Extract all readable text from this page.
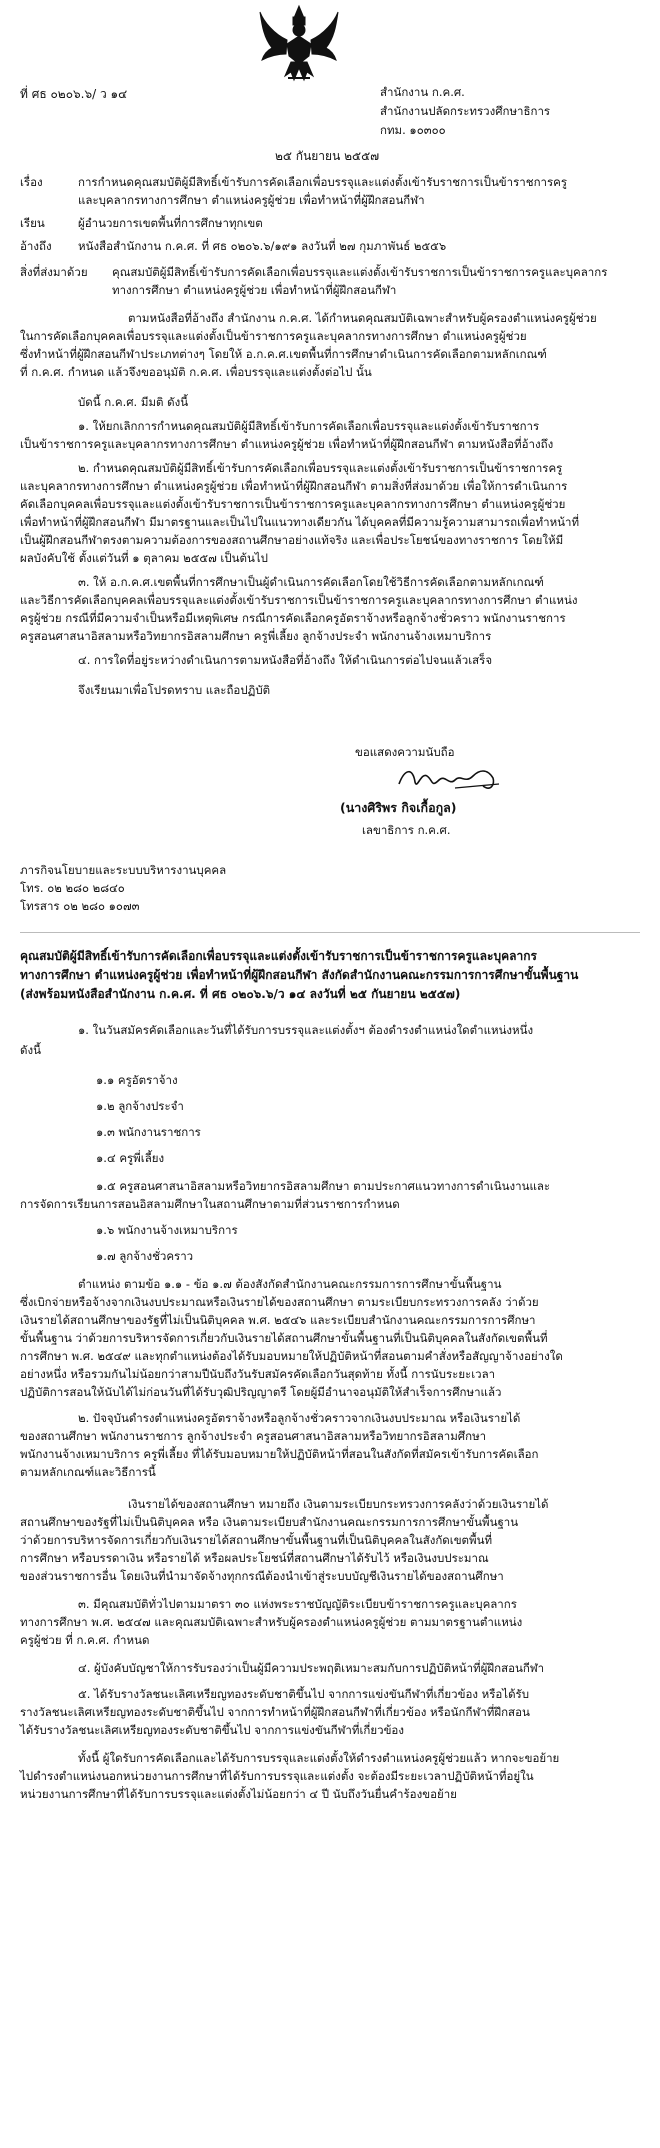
ที่ ศธ ๐๒๐๖.๖/ ว ๑๔	สำนักงาน ก.ค.ศ.
สำนักงานปลัดกระทรวงศึกษาธิการ
กทม. ๑๐๓๐๐
๒๕ กันยายน ๒๕๕๗
เรื่อง	การกำหนดคุณสมบัติผู้มีสิทธิ์เข้ารับการคัดเลือกเพื่อบรรจุและแต่งตั้งเข้ารับราชการเป็นข้าราชการครู
และบุคลากรทางการศึกษา ตำแหน่งครูผู้ช่วย เพื่อทำหน้าที่ผู้ฝึกสอนกีฬา
เรียน	ผู้อำนวยการเขตพื้นที่การศึกษาทุกเขต
อ้างถึง หนังสือสำนักงาน ก.ค.ศ. ที่ ศธ ๐๒๐๖.๖/๑๙๑ ลงวันที่ ๒๗ กุมภาพันธ์ ๒๕๕๖
สิ่งที่ส่งมาด้วย คุณสมบัติผู้มีสิทธิ์เข้ารับการคัดเลือกเพื่อบรรจุและแต่งตั้งเข้ารับราชการเป็นข้าราชการครูและบุคลากร
ทางการศึกษา ตำแหน่งครูผู้ช่วย เพื่อทำหน้าที่ผู้ฝึกสอนกีฬา
ตามหนังสือที่อ้างถึง สำนักงาน ก.ค.ศ. ได้กำหนดคุณสมบัติเฉพาะสำหรับผู้ครองตำแหน่งครูผู้ช่วย
ในการคัดเลือกบุคคลเพื่อบรรจุและแต่งตั้งเป็นข้าราชการครูและบุคลากรทางการศึกษา ตำแหน่งครูผู้ช่วย
ซึ่งทำหน้าที่ผู้ฝึกสอนกีฬาประเภทต่างๆ โดยให้ อ.ก.ค.ศ.เขตพื้นที่การศึกษาดำเนินการคัดเลือกตามหลักเกณฑ์
ที่ ก.ค.ศ. กำหนด แล้วจึงขออนุมัติ ก.ค.ศ. เพื่อบรรจุและแต่งตั้งต่อไป นั้น
บัดนี้ ก.ค.ศ. มีมติ ดังนี้
๑. ให้ยกเลิกการกำหนดคุณสมบัติผู้มีสิทธิ์เข้ารับการคัดเลือกเพื่อบรรจุและแต่งตั้งเข้ารับราชการ
เป็นข้าราชการครูและบุคลากรทางการศึกษา ตำแหน่งครูผู้ช่วย เพื่อทำหน้าที่ผู้ฝึกสอนกีฬา ตามหนังสือที่อ้างถึง
๒. กำหนดคุณสมบัติผู้มีสิทธิ์เข้ารับการคัดเลือกเพื่อบรรจุและแต่งตั้งเข้ารับราชการเป็นข้าราชการครู
และบุคลากรทางการศึกษา ตำแหน่งครูผู้ช่วย เพื่อทำหน้าที่ผู้ฝึกสอนกีฬา ตามสิ่งที่ส่งมาด้วย เพื่อให้การดำเนินการ
คัดเลือกบุคคลเพื่อบรรจุและแต่งตั้งเข้ารับราชการเป็นข้าราชการครูและบุคลากรทางการศึกษา ตำแหน่งครูผู้ช่วย
เพื่อทำหน้าที่ผู้ฝึกสอนกีฬา มีมาตรฐานและเป็นไปในแนวทางเดียวกัน ได้บุคคลที่มีความรู้ความสามารถเพื่อทำหน้าที่
เป็นผู้ฝึกสอนกีฬาตรงตามความต้องการของสถานศึกษาอย่างแท้จริง และเพื่อประโยชน์ของทางราชการ โดยให้มี
ผลบังคับใช้ ตั้งแต่วันที่ ๑ ตุลาคม ๒๕๕๗ เป็นต้นไป
๓. ให้ อ.ก.ค.ศ.เขตพื้นที่การศึกษาเป็นผู้ดำเนินการคัดเลือกโดยใช้วิธีการคัดเลือกตามหลักเกณฑ์
และวิธีการคัดเลือกบุคคลเพื่อบรรจุและแต่งตั้งเข้ารับราชการเป็นข้าราชการครูและบุคลากรทางการศึกษา ตำแหน่ง
ครูผู้ช่วย กรณีที่มีความจำเป็นหรือมีเหตุพิเศษ กรณีการคัดเลือกครูอัตราจ้างหรือลูกจ้างชั่วคราว พนักงานราชการ
ครูสอนศาสนาอิสลามหรือวิทยากรอิสลามศึกษา ครูพี่เลี้ยง ลูกจ้างประจำ พนักงานจ้างเหมาบริการ
๔. การใดที่อยู่ระหว่างดำเนินการตามหนังสือที่อ้างถึง ให้ดำเนินการต่อไปจนแล้วเสร็จ
จึงเรียนมาเพื่อโปรดทราบ และถือปฏิบัติ
ขอแสดงความนับถือ
(นางศิริพร กิจเกื้อกูล)
เลขาธิการ ก.ค.ศ.
ภารกิจนโยบายและระบบบริหารงานบุคคล
โทร. ๐๒ ๒๘๐ ๒๘๔๐
โทรสาร ๐๒ ๒๘๐ ๑๐๗๓
คุณสมบัติผู้มีสิทธิ์เข้ารับการคัดเลือกเพื่อบรรจุและแต่งตั้งเข้ารับราชการเป็นข้าราชการครูและบุคลากร
ทางการศึกษา ตำแหน่งครูผู้ช่วย เพื่อทำหน้าที่ผู้ฝึกสอนกีฬา สังกัดสำนักงานคณะกรรมการการศึกษาขั้นพื้นฐาน
(ส่งพร้อมหนังสือสำนักงาน ก.ค.ศ. ที่ ศธ ๐๒๐๖.๖/ว ๑๔ ลงวันที่ ๒๕ กันยายน ๒๕๕๗)
๑. ในวันสมัครคัดเลือกและวันที่ได้รับการบรรจุและแต่งตั้งฯ ต้องดำรงตำแหน่งใดตำแหน่งหนึ่ง
ดังนี้
๑.๑ ครูอัตราจ้าง
๑.๒ ลูกจ้างประจำ
๑.๓ พนักงานราชการ
๑.๔ ครูพี่เลี้ยง
๑.๕ ครูสอนศาสนาอิสลามหรือวิทยากรอิสลามศึกษา ตามประกาศแนวทางการดำเนินงานและ
การจัดการเรียนการสอนอิสลามศึกษาในสถานศึกษาตามที่ส่วนราชการกำหนด
๑.๖ พนักงานจ้างเหมาบริการ
๑.๗ ลูกจ้างชั่วคราว
ตำแหน่ง ตามข้อ ๑.๑ - ข้อ ๑.๗ ต้องสังกัดสำนักงานคณะกรรมการการศึกษาขั้นพื้นฐาน
ซึ่งเบิกจ่ายหรือจ้างจากเงินงบประมาณหรือเงินรายได้ของสถานศึกษา ตามระเบียบกระทรวงการคลัง ว่าด้วย
เงินรายได้สถานศึกษาของรัฐที่ไม่เป็นนิติบุคคล พ.ศ. ๒๕๔๖ และระเบียบสำนักงานคณะกรรมการการศึกษา
ขั้นพื้นฐาน ว่าด้วยการบริหารจัดการเกี่ยวกับเงินรายได้สถานศึกษาขั้นพื้นฐานที่เป็นนิติบุคคลในสังกัดเขตพื้นที่
การศึกษา พ.ศ. ๒๕๔๙ และทุกตำแหน่งต้องได้รับมอบหมายให้ปฏิบัติหน้าที่สอนตามคำสั่งหรือสัญญาจ้างอย่างใด
อย่างหนึ่ง หรือรวมกันไม่น้อยกว่าสามปีนับถึงวันรับสมัครคัดเลือกวันสุดท้าย ทั้งนี้ การนับระยะเวลา
ปฏิบัติการสอนให้นับได้ไม่ก่อนวันที่ได้รับวุฒิปริญญาตรี โดยผู้มีอำนาจอนุมัติให้สำเร็จการศึกษาแล้ว
๒. ปัจจุบันดำรงตำแหน่งครูอัตราจ้างหรือลูกจ้างชั่วคราวจากเงินงบประมาณ หรือเงินรายได้
ของสถานศึกษา พนักงานราชการ ลูกจ้างประจำ ครูสอนศาสนาอิสลามหรือวิทยากรอิสลามศึกษา
พนักงานจ้างเหมาบริการ ครูพี่เลี้ยง ที่ได้รับมอบหมายให้ปฏิบัติหน้าที่สอนในสังกัดที่สมัครเข้ารับการคัดเลือก
ตามหลักเกณฑ์และวิธีการนี้
เงินรายได้ของสถานศึกษา หมายถึง เงินตามระเบียบกระทรวงการคลังว่าด้วยเงินรายได้
สถานศึกษาของรัฐที่ไม่เป็นนิติบุคคล หรือ เงินตามระเบียบสำนักงานคณะกรรมการการศึกษาขั้นพื้นฐาน
ว่าด้วยการบริหารจัดการเกี่ยวกับเงินรายได้สถานศึกษาขั้นพื้นฐานที่เป็นนิติบุคคลในสังกัดเขตพื้นที่
การศึกษา หรือบรรดาเงิน หรือรายได้ หรือผลประโยชน์ที่สถานศึกษาได้รับไว้ หรือเงินงบประมาณ
ของส่วนราชการอื่น โดยเงินที่นำมาจัดจ้างทุกกรณีต้องนำเข้าสู่ระบบบัญชีเงินรายได้ของสถานศึกษา
๓. มีคุณสมบัติทั่วไปตามมาตรา ๓๐ แห่งพระราชบัญญัติระเบียบข้าราชการครูและบุคลากร
ทางการศึกษา พ.ศ. ๒๕๔๗ และคุณสมบัติเฉพาะสำหรับผู้ครองตำแหน่งครูผู้ช่วย ตามมาตรฐานตำแหน่ง
ครูผู้ช่วย ที่ ก.ค.ศ. กำหนด
๔. ผู้บังคับบัญชาให้การรับรองว่าเป็นผู้มีความประพฤติเหมาะสมกับการปฏิบัติหน้าที่ผู้ฝึกสอนกีฬา
๕. ได้รับรางวัลชนะเลิศเหรียญทองระดับชาติขึ้นไป จากการแข่งขันกีฬาที่เกี่ยวข้อง หรือได้รับ
รางวัลชนะเลิศเหรียญทองระดับชาติขึ้นไป จากการทำหน้าที่ผู้ฝึกสอนกีฬาที่เกี่ยวข้อง หรือนักกีฬาที่ฝึกสอน
ได้รับรางวัลชนะเลิศเหรียญทองระดับชาติขึ้นไป จากการแข่งขันกีฬาที่เกี่ยวข้อง
ทั้งนี้ ผู้ใดรับการคัดเลือกและได้รับการบรรจุและแต่งตั้งให้ดำรงตำแหน่งครูผู้ช่วยแล้ว หากจะขอย้าย
ไปดำรงตำแหน่งนอกหน่วยงานการศึกษาที่ได้รับการบรรจุและแต่งตั้ง จะต้องมีระยะเวลาปฏิบัติหน้าที่อยู่ใน
หน่วยงานการศึกษาที่ได้รับการบรรจุและแต่งตั้งไม่น้อยกว่า ๔ ปี นับถึงวันยื่นคำร้องขอย้าย
